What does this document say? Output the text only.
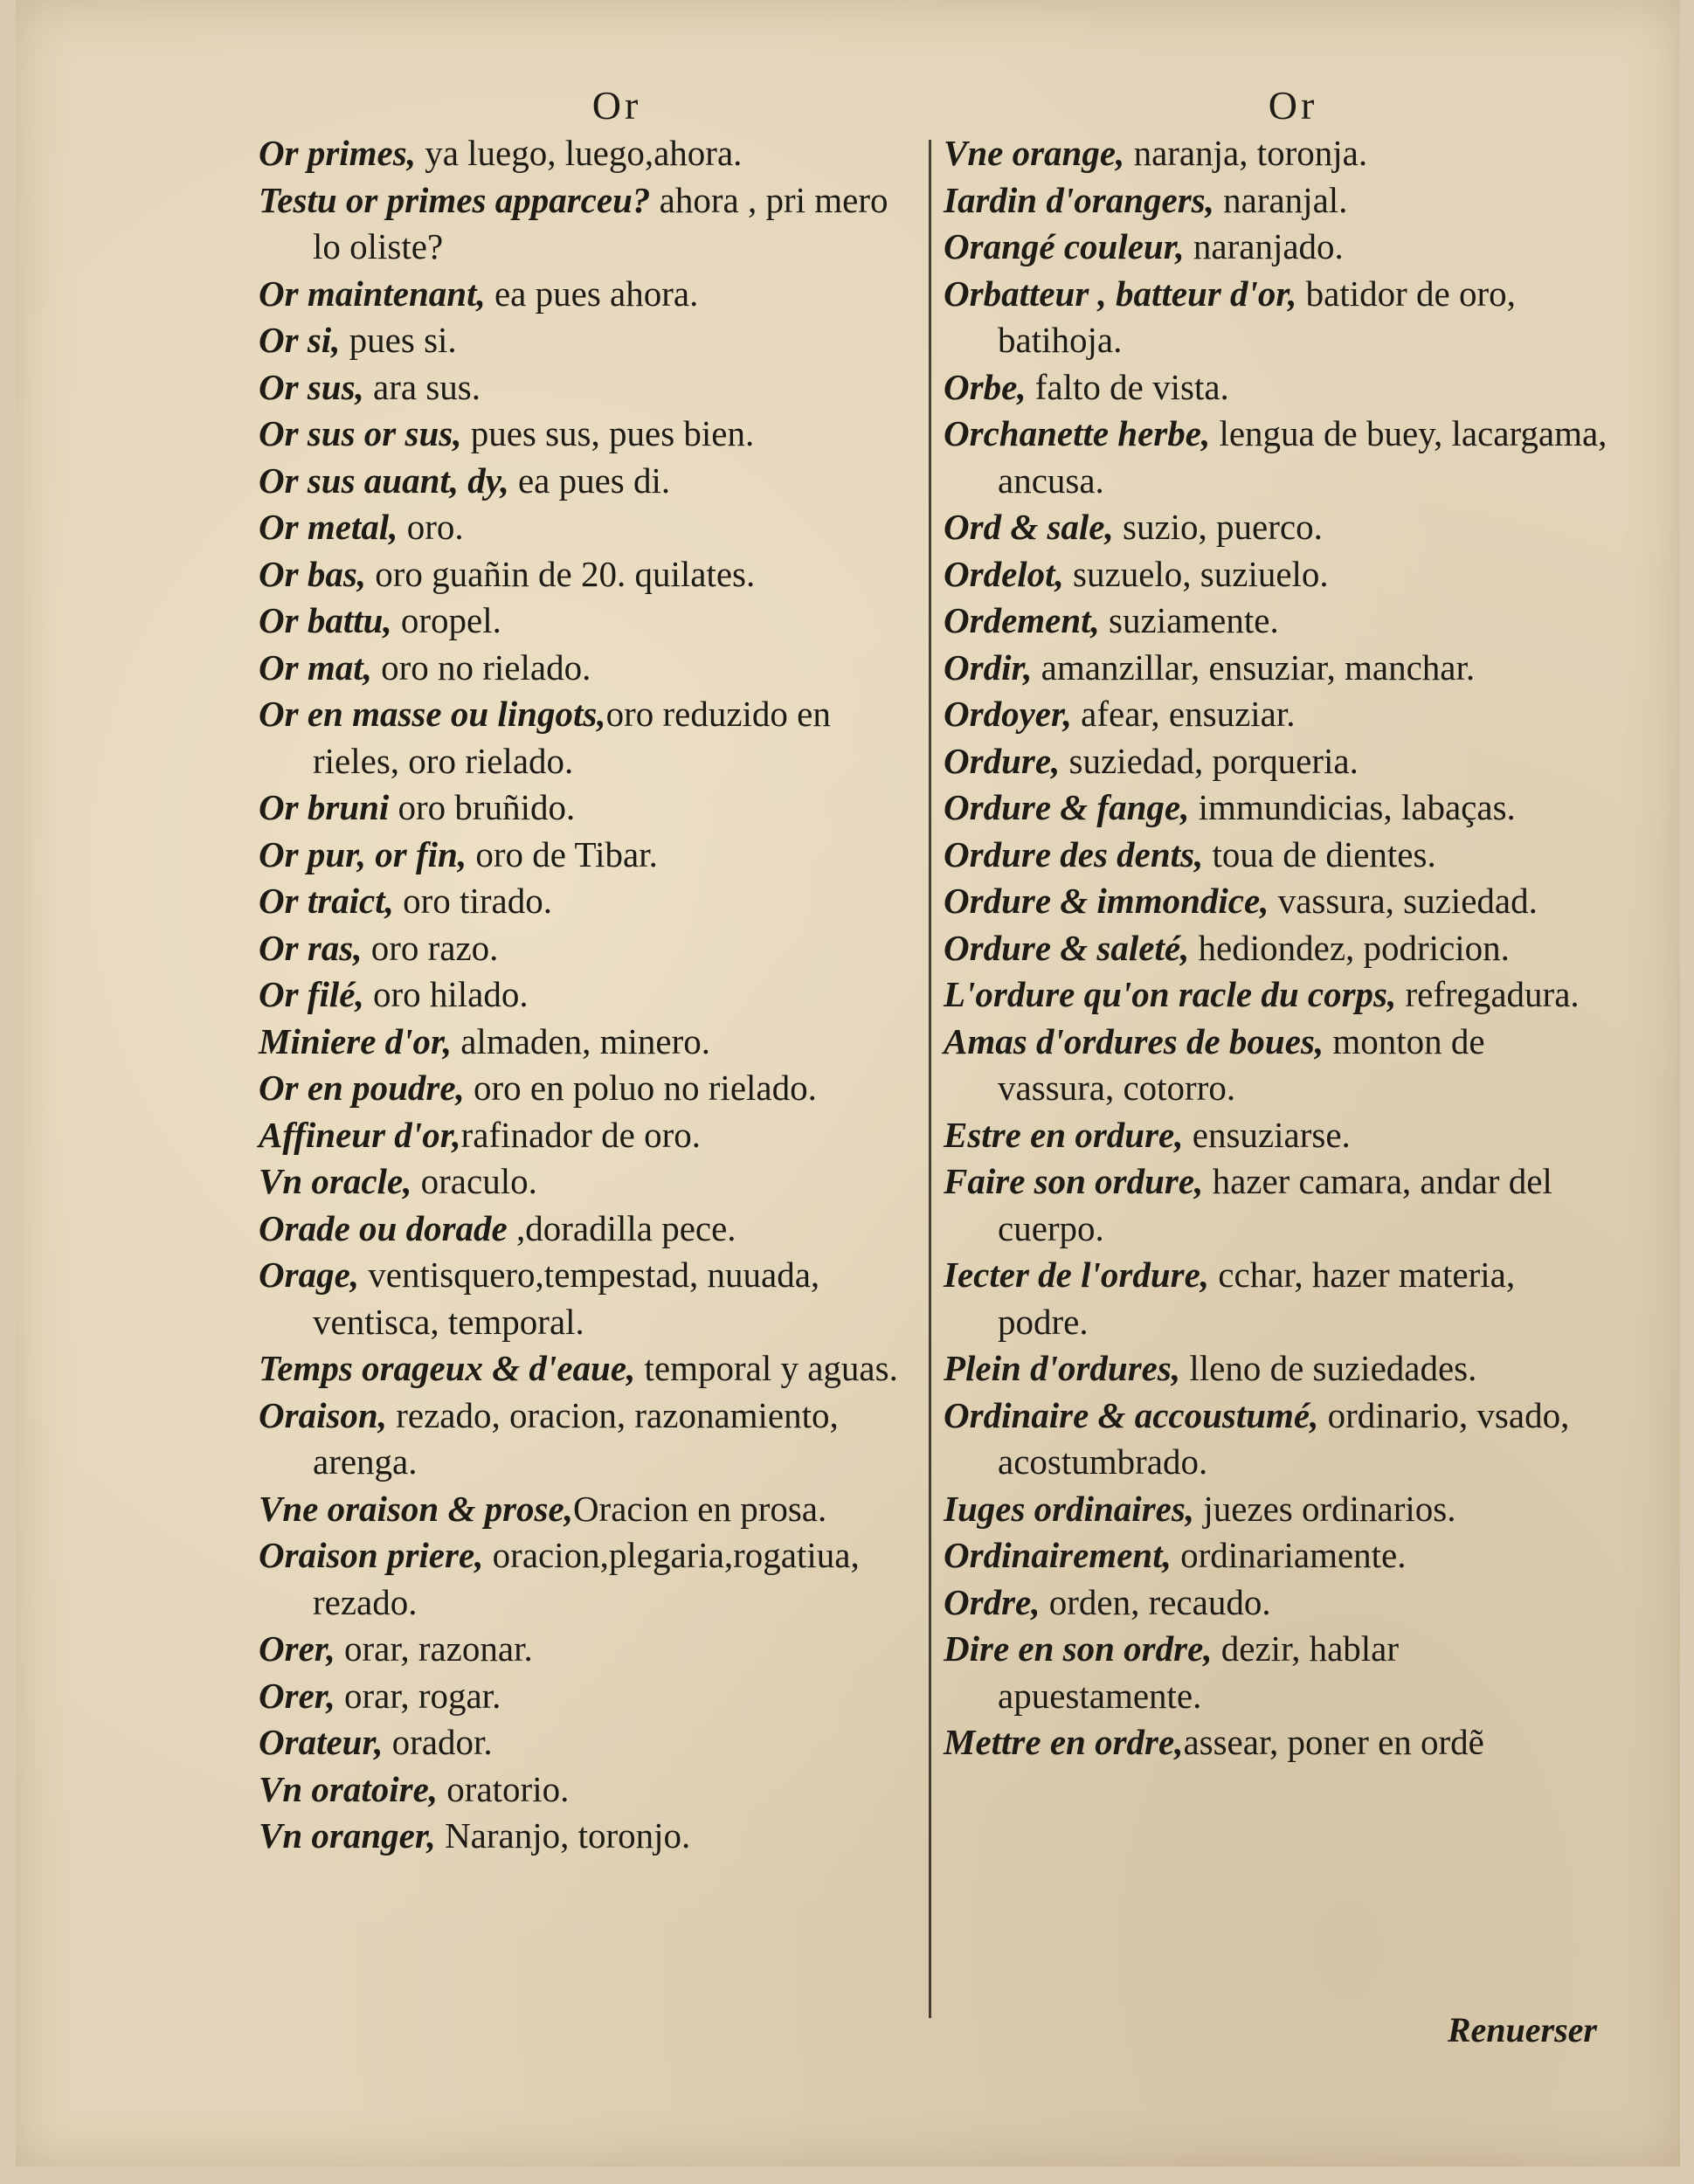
Or
Or primes, ya luego, luego,ahora.
Testu or primes apparceu? ahora , pri mero lo oliste?
Or maintenant, ea pues ahora.
Or si, pues si.
Or sus, ara sus.
Or sus or sus, pues sus, pues bien.
Or sus auant, dy, ea pues di.
Or metal, oro.
Or bas, oro guañin de 20. quilates.
Or battu, oropel.
Or mat, oro no rielado.
Or en masse ou lingots,oro reduzido en rieles, oro rielado.
Or bruni oro bruñido.
Or pur, or fin, oro de Tibar.
Or traict, oro tirado.
Or ras, oro razo.
Or filé, oro hilado.
Miniere d'or, almaden, minero.
Or en poudre, oro en poluo no rielado.
Affineur d'or,rafinador de oro.
Vn oracle, oraculo.
Orade ou dorade ,doradilla pece.
Orage, ventisquero,tempestad, nuuada, ventisca, temporal.
Temps orageux & d'eaue, temporal y aguas.
Oraison, rezado, oracion, razonamiento, arenga.
Vne oraison & prose,Oracion en prosa.
Oraison priere, oracion,plegaria,rogatiua, rezado.
Orer, orar, razonar.
Orer, orar, rogar.
Orateur, orador.
Vn oratoire, oratorio.
Vn oranger, Naranjo, toronjo.
Or
Vne orange, naranja, toronja.
Iardin d'orangers, naranjal.
Orangé couleur, naranjado.
Orbatteur , batteur d'or, batidor de oro, batihoja.
Orbe, falto de vista.
Orchanette herbe, lengua de buey, lacargama, ancusa.
Ord & sale, suzio, puerco.
Ordelot, suzuelo, suziuelo.
Ordement, suziamente.
Ordir, amanzillar, ensuziar, manchar.
Ordoyer, afear, ensuziar.
Ordure, suziedad, porqueria.
Ordure & fange, immundicias, labaças.
Ordure des dents, toua de dientes.
Ordure & immondice, vassura, suziedad.
Ordure & saleté, hediondez, podricion.
L'ordure qu'on racle du corps, refregadura.
Amas d'ordures de boues, monton de vassura, cotorro.
Estre en ordure, ensuziarse.
Faire son ordure, hazer camara, andar del cuerpo.
Iecter de l'ordure, cchar, hazer materia, podre.
Plein d'ordures, lleno de suziedades.
Ordinaire & accoustumé, ordinario, vsado, acostumbrado.
Iuges ordinaires, juezes ordinarios.
Ordinairement, ordinariamente.
Ordre, orden, recaudo.
Dire en son ordre, dezir, hablar apuestamente.
Mettre en ordre,assear, poner en ordẽ
Renuerser
